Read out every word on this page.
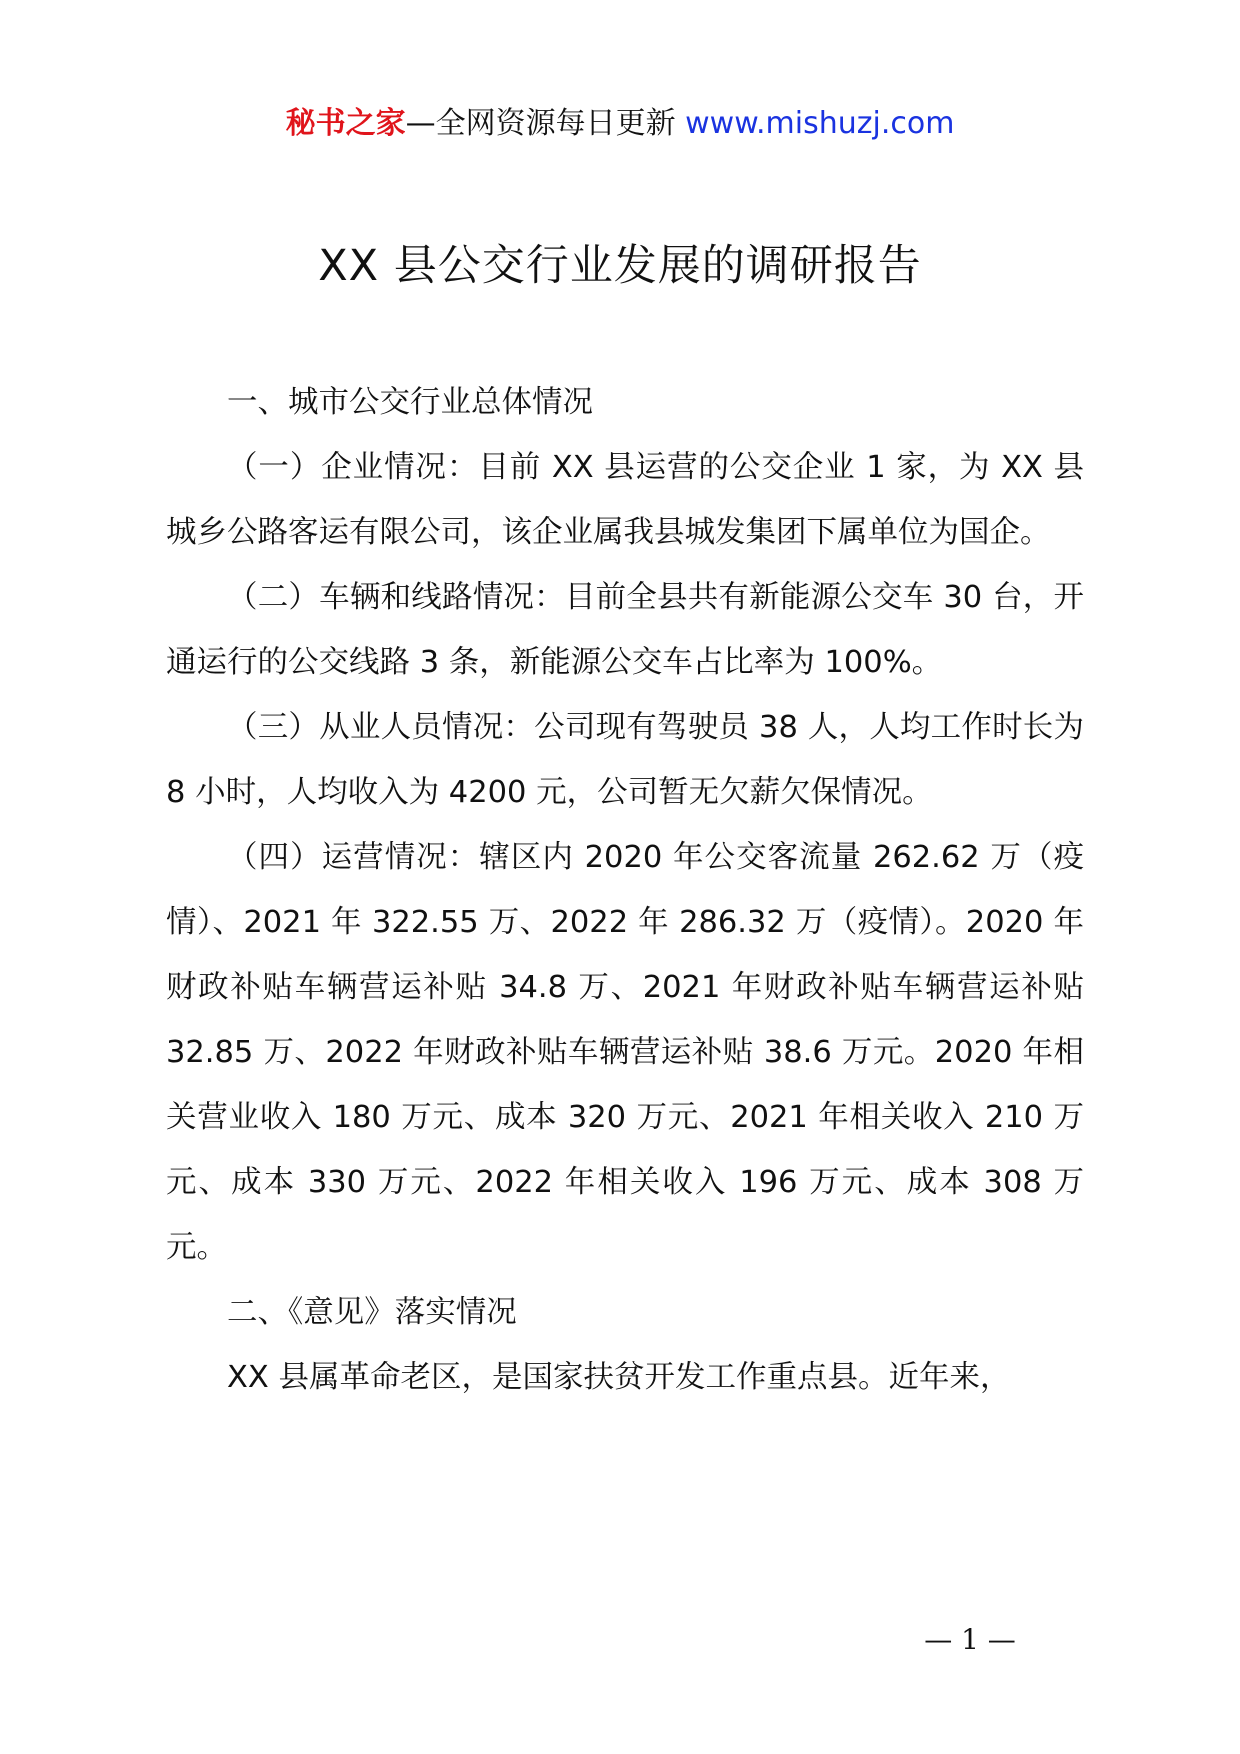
秘书之家—全网资源每日更新 www.mishuzj.com
XX 县公交行业发展的调研报告

一、城市公交行业总体情况

（一）企业情况：目前 XX 县运营的公交企业 1 家，为 XX 县城乡公路客运有限公司，该企业属我县城发集团下属单位为国企。

（二）车辆和线路情况：目前全县共有新能源公交车 30 台，开通运行的公交线路 3 条，新能源公交车占比率为 100%。

（三）从业人员情况：公司现有驾驶员 38 人，人均工作时长为 8 小时，人均收入为 4200 元，公司暂无欠薪欠保情况。

（四）运营情况：辖区内 2020 年公交客流量 262.62 万（疫情）、2021 年 322.55 万、2022 年 286.32 万（疫情）。2020 年财政补贴车辆营运补贴 34.8 万、2021 年财政补贴车辆营运补贴 32.85 万、2022 年财政补贴车辆营运补贴 38.6 万元。2020 年相关营业收入 180 万元、成本 320 万元、2021 年相关收入 210 万元、成本 330 万元、2022 年相关收入 196 万元、成本 308 万元。

二、《意见》落实情况

XX 县属革命老区，是国家扶贫开发工作重点县。近年来，

— 1 —
